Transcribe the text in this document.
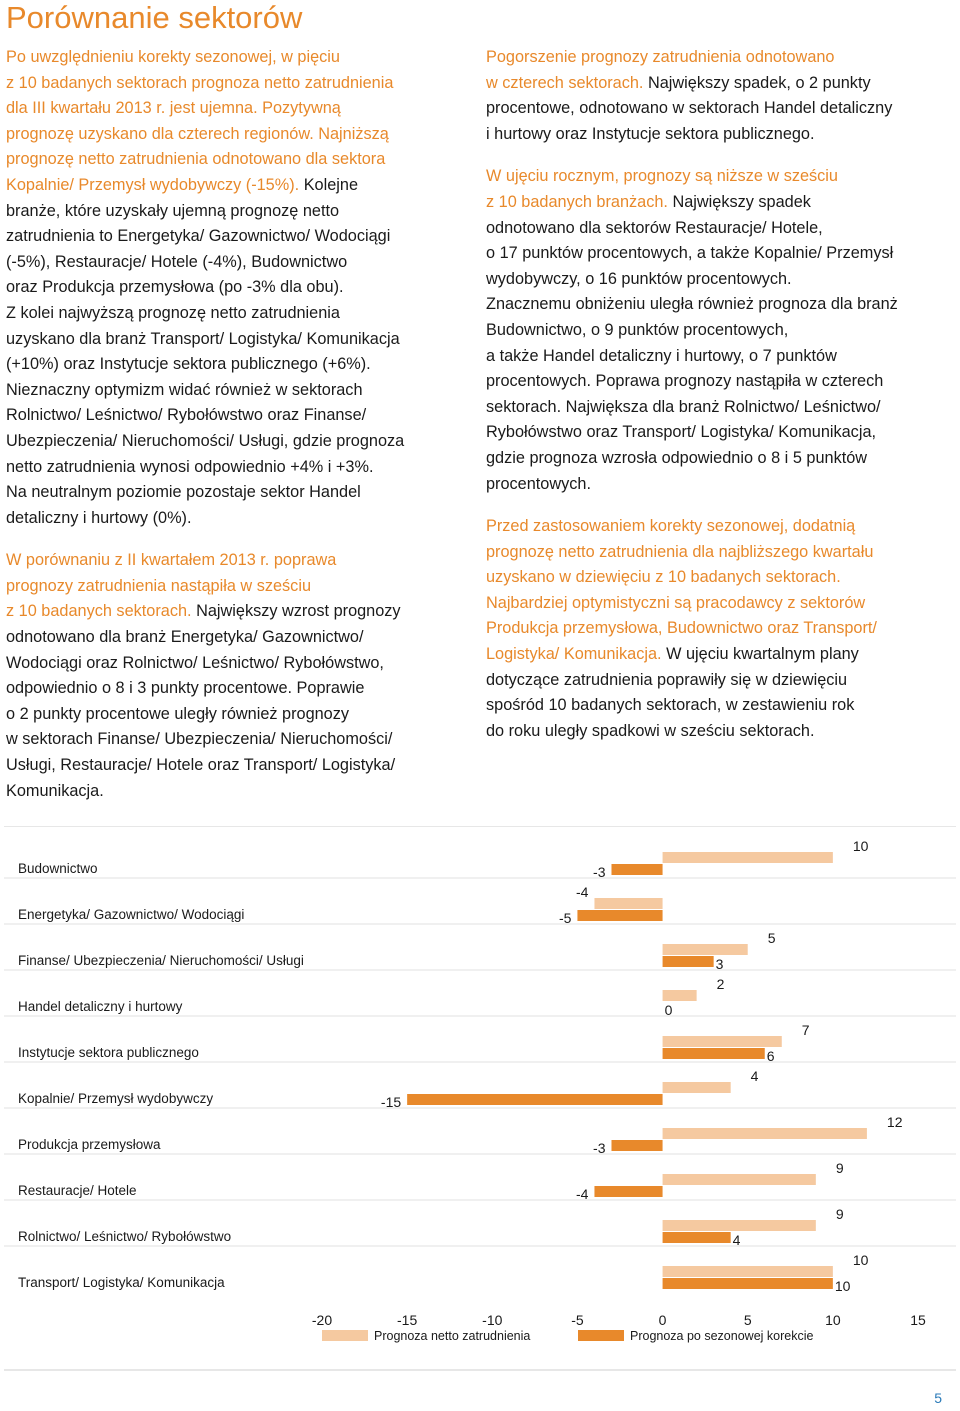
Porównanie sektorów

Po uwzględnieniu korekty sezonowej, w pięciu
z 10 badanych sektorach prognoza netto zatrudnienia
dla III kwartału 2013 r. jest ujemna. Pozytywną
prognozę uzyskano dla czterech regionów. Najniższą
prognozę netto zatrudnienia odnotowano dla sektora
Kopalnie/ Przemysł wydobywczy (-15%). Kolejne
branże, które uzyskały ujemną prognozę netto
zatrudnienia to Energetyka/ Gazownictwo/ Wodociągi
(-5%), Restauracje/ Hotele (-4%), Budownictwo
oraz Produkcja przemysłowa (po -3% dla obu).
Z kolei najwyższą prognozę netto zatrudnienia
uzyskano dla branż Transport/ Logistyka/ Komunikacja
(+10%) oraz Instytucje sektora publicznego (+6%).
Nieznaczny optymizm widać również w sektorach
Rolnictwo/ Leśnictwo/ Rybołówstwo oraz Finanse/
Ubezpieczenia/ Nieruchomości/ Usługi, gdzie prognoza
netto zatrudnienia wynosi odpowiednio +4% i +3%.
Na neutralnym poziomie pozostaje sektor Handel
detaliczny i hurtowy (0%).

W porównaniu z II kwartałem 2013 r. poprawa
prognozy zatrudnienia nastąpiła w sześciu
z 10 badanych sektorach. Największy wzrost prognozy
odnotowano dla branż Energetyka/ Gazownictwo/
Wodociągi oraz Rolnictwo/ Leśnictwo/ Rybołówstwo,
odpowiednio o 8 i 3 punkty procentowe. Poprawie
o 2 punkty procentowe uległy również prognozy
w sektorach Finanse/ Ubezpieczenia/ Nieruchomości/
Usługi, Restauracje/ Hotele oraz Transport/ Logistyka/
Komunikacja.

Pogorszenie prognozy zatrudnienia odnotowano
w czterech sektorach. Największy spadek, o 2 punkty
procentowe, odnotowano w sektorach Handel detaliczny
i hurtowy oraz Instytucje sektora publicznego.

W ujęciu rocznym, prognozy są niższe w sześciu
z 10 badanych branżach. Największy spadek
odnotowano dla sektorów Restauracje/ Hotele,
o 17 punktów procentowych, a także Kopalnie/ Przemysł
wydobywczy, o 16 punktów procentowych.
Znacznemu obniżeniu uległa również prognoza dla branż
Budownictwo, o 9 punktów procentowych,
a także Handel detaliczny i hurtowy, o 7 punktów
procentowych. Poprawa prognozy nastąpiła w czterech
sektorach. Największa dla branż Rolnictwo/ Leśnictwo/
Rybołówstwo oraz Transport/ Logistyka/ Komunikacja,
gdzie prognoza wzrosła odpowiednio o 8 i 5 punktów
procentowych.

Przed zastosowaniem korekty sezonowej, dodatnią
prognozę netto zatrudnienia dla najbliższego kwartału
uzyskano w dziewięciu z 10 badanych sektorach.
Najbardziej optymistyczni są pracodawcy z sektorów
Produkcja przemysłowa, Budownictwo oraz Transport/
Logistyka/ Komunikacja. W ujęciu kwartalnym plany
dotyczące zatrudnienia poprawiły się w dziewięciu
spośród 10 badanych sektorach, w zestawieniu rok
do roku uległy spadkowi w sześciu sektorach.

Budownictwo
10
-3
Energetyka/ Gazownictwo/ Wodociągi
-4
-5
Finanse/ Ubezpieczenia/ Nieruchomości/ Usługi
5
3
Handel detaliczny i hurtowy
2
0
Instytucje sektora publicznego
7
6
Kopalnie/ Przemysł wydobywczy
4
-15
Produkcja przemysłowa
12
-3
Restauracje/ Hotele
9
-4
Rolnictwo/ Leśnictwo/ Rybołówstwo
9
4
Transport/ Logistyka/ Komunikacja
10
10
-20	-15	-10	-5	0	5	10	15
Prognoza netto zatrudnienia	Prognoza po sezonowej korekcie
5
